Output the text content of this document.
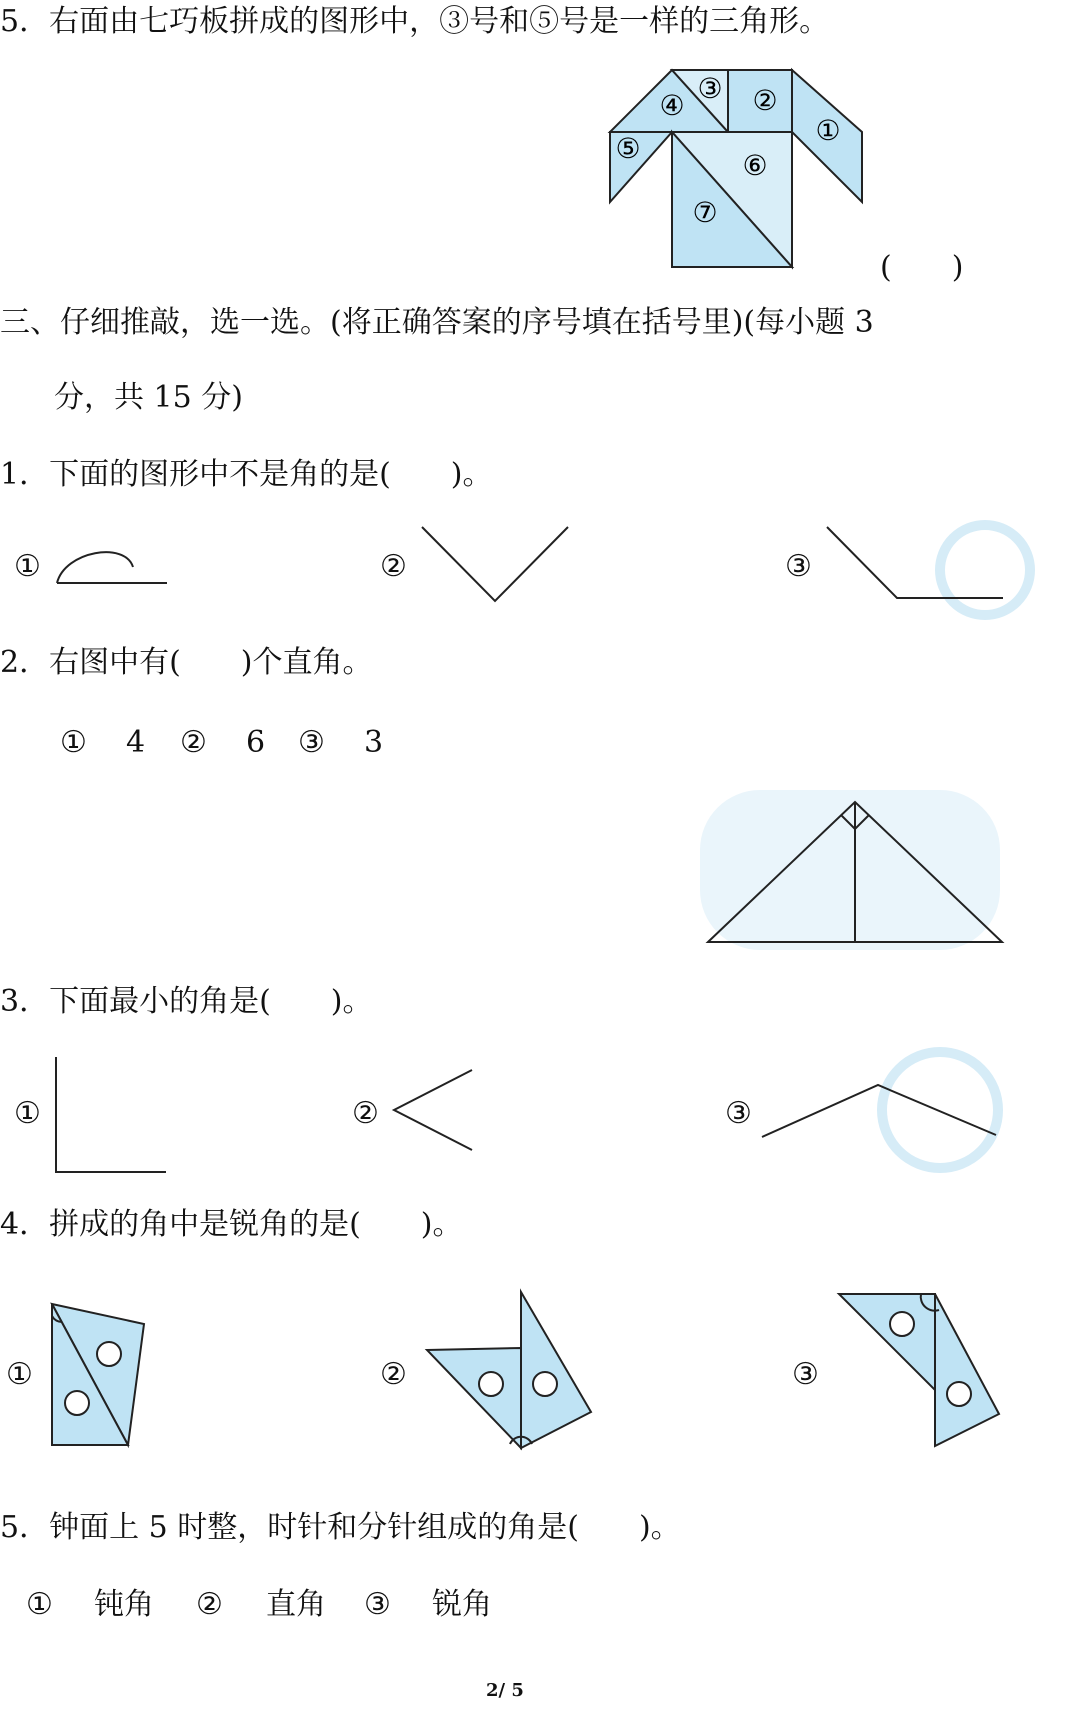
5．右面由七巧板拼成的图形中，③号和⑤号是一样的三角形。
④
③ ②
①
⑤
⑥
⑦
(　　)
三、仔细推敲，选一选。(将正确答案的序号填在括号里)(每小题 3
分，共 15 分)
1．下面的图形中不是角的是(　　)。
①	②	③
2．右图中有(　　)个直角。
① 4 ② 6 ③ 3
3．下面最小的角是(　　)。
①	②	③
4．拼成的角中是锐角的是(　　)。
①	②	③
5．钟面上 5 时整，时针和分针组成的角是(　　)。
① 钝角 ② 直角 ③ 锐角
2/ 5
